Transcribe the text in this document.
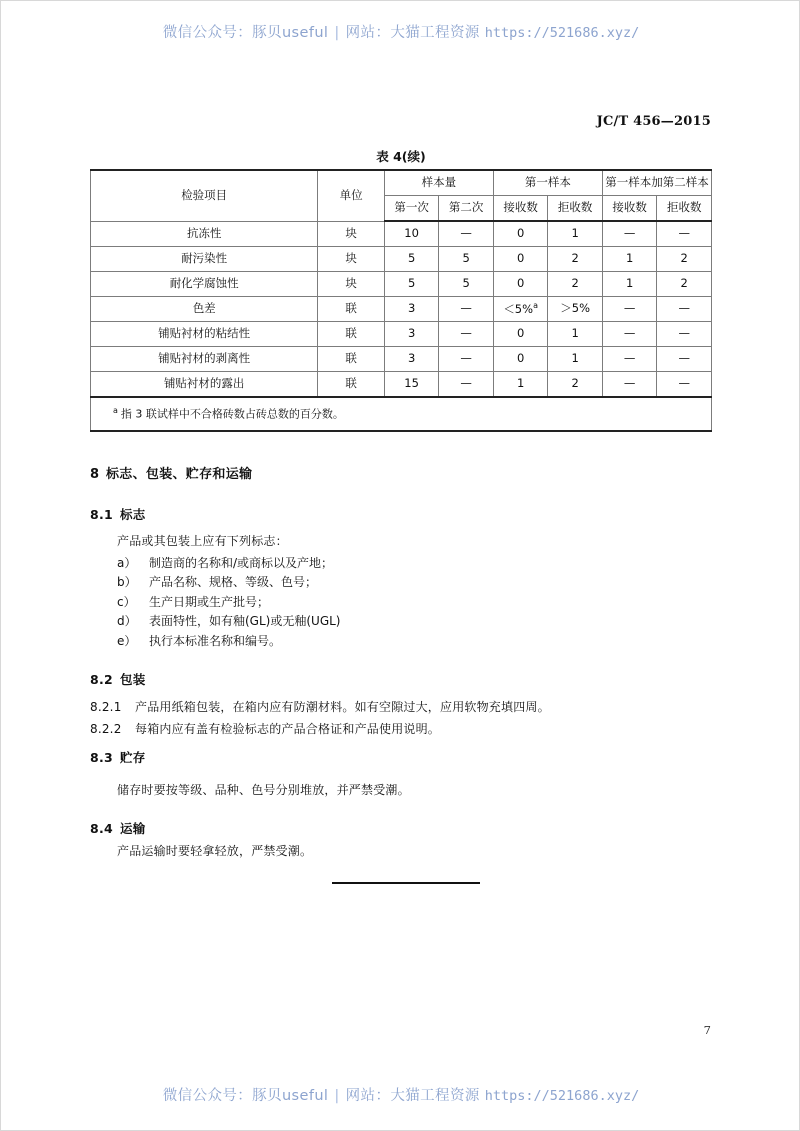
微信公众号：豚贝useful | 网站：大猫工程资源 https://521686.xyz/
JC/T 456—2015
表 4(续)
检验项目	单位	样本量		第一样本		第一样本加第二样本	
		第一次	第二次	接收数	拒收数	接收数	拒收数
抗冻性	块	10	—	0	1	—	—
耐污染性	块	5	5	0	2	1	2
耐化学腐蚀性	块	5	5	0	2	1	2
色差	联	3	—	＜5%$^a$	＞5%	—	—
铺贴衬材的粘结性	联	3	—	0	1	—	—
铺贴衬材的剥离性	联	3	—	0	1	—	—
铺贴衬材的露出	联	15	—	1	2	—	—
$^a$ 指 3 联试样中不合格砖数占砖总数的百分数。							
8 标志、包装、贮存和运输
8.1 标志
产品或其包装上应有下列标志：
a） 制造商的名称和/或商标以及产地；
b） 产品名称、规格、等级、色号；
c） 生产日期或生产批号；
d） 表面特性，如有釉(GL)或无釉(UGL)
e） 执行本标准名称和编号。
8.2 包装
8.2.1 产品用纸箱包装，在箱内应有防潮材料。如有空隙过大，应用软物充填四周。
8.2.2 每箱内应有盖有检验标志的产品合格证和产品使用说明。
8.3 贮存
储存时要按等级、品种、色号分别堆放，并严禁受潮。
8.4 运输
产品运输时要轻拿轻放，严禁受潮。
7
微信公众号：豚贝useful | 网站：大猫工程资源 https://521686.xyz/
